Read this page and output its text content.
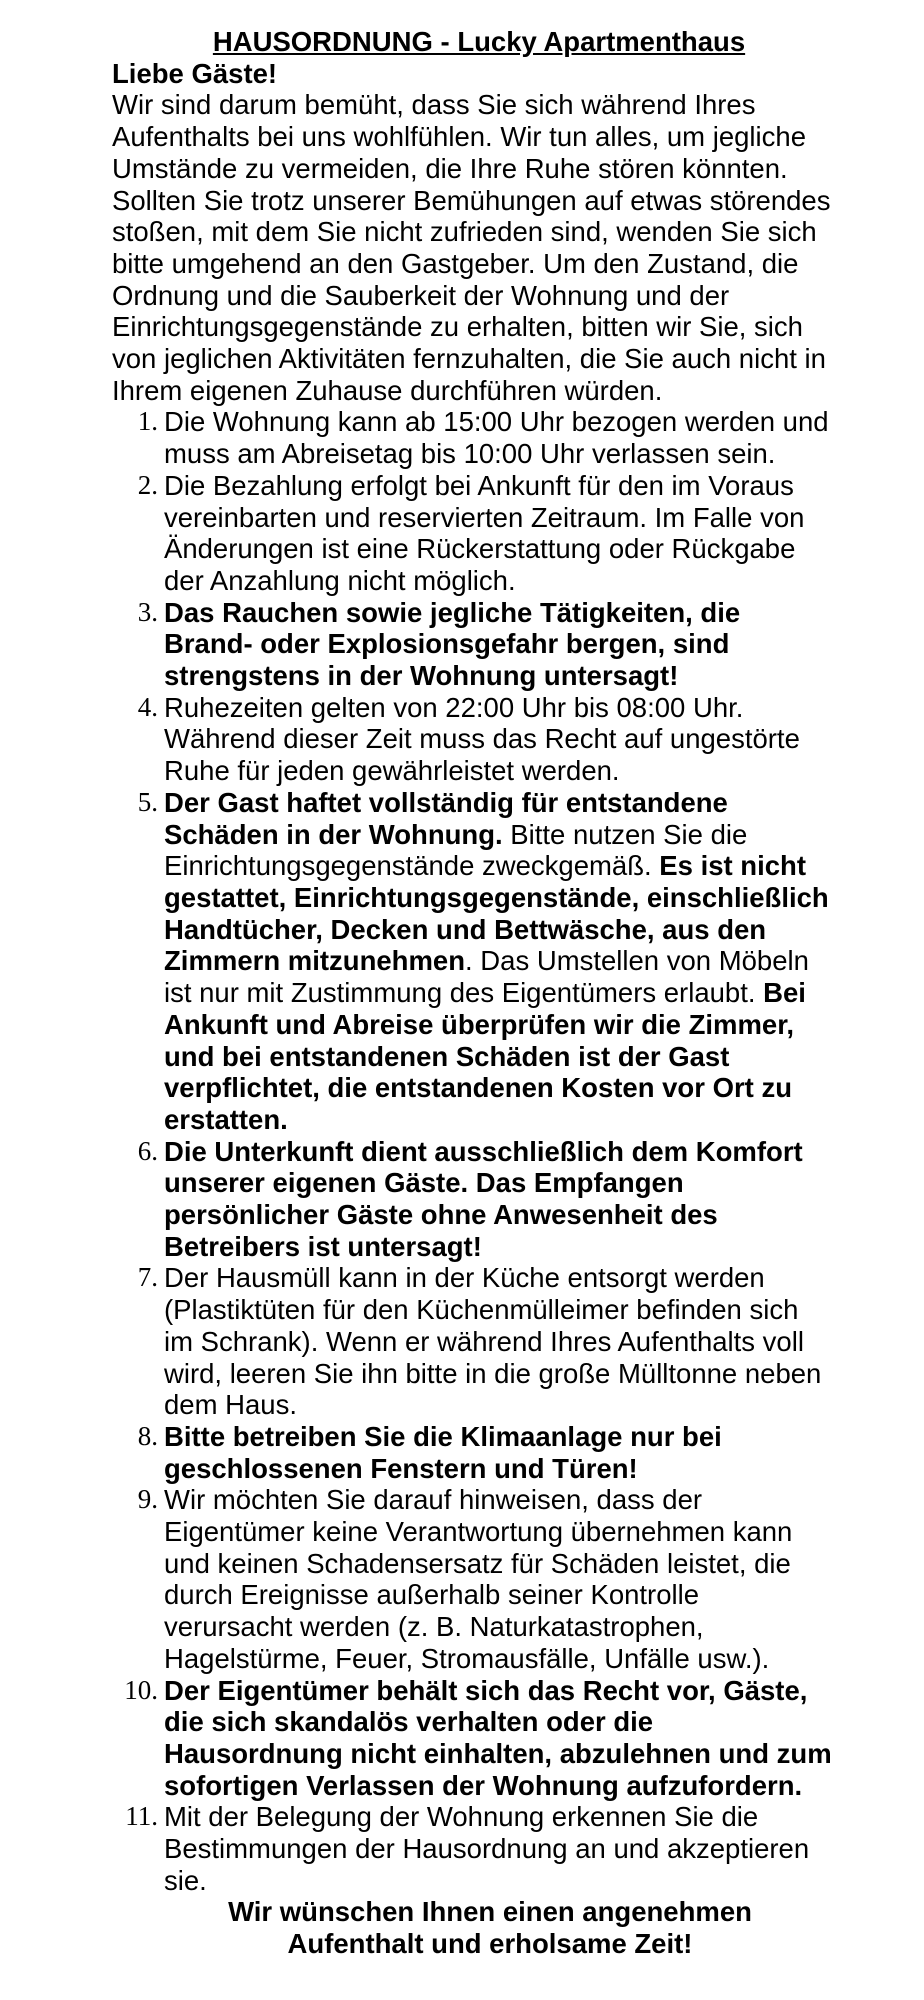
HAUSORDNUNG - Lucky Apartmenthaus

Liebe Gäste!

Wir sind darum bemüht, dass Sie sich während Ihres Aufenthalts bei uns wohlfühlen. Wir tun alles, um jegliche Umstände zu vermeiden, die Ihre Ruhe stören könnten. Sollten Sie trotz unserer Bemühungen auf etwas störendes stoßen, mit dem Sie nicht zufrieden sind, wenden Sie sich bitte umgehend an den Gastgeber. Um den Zustand, die Ordnung und die Sauberkeit der Wohnung und der Einrichtungsgegenstände zu erhalten, bitten wir Sie, sich von jeglichen Aktivitäten fernzuhalten, die Sie auch nicht in Ihrem eigenen Zuhause durchführen würden.

1. Die Wohnung kann ab 15:00 Uhr bezogen werden und muss am Abreisetag bis 10:00 Uhr verlassen sein.
2. Die Bezahlung erfolgt bei Ankunft für den im Voraus vereinbarten und reservierten Zeitraum. Im Falle von Änderungen ist eine Rückerstattung oder Rückgabe der Anzahlung nicht möglich.
3. Das Rauchen sowie jegliche Tätigkeiten, die Brand- oder Explosionsgefahr bergen, sind strengstens in der Wohnung untersagt!
4. Ruhezeiten gelten von 22:00 Uhr bis 08:00 Uhr. Während dieser Zeit muss das Recht auf ungestörte Ruhe für jeden gewährleistet werden.
5. Der Gast haftet vollständig für entstandene Schäden in der Wohnung. Bitte nutzen Sie die Einrichtungsgegenstände zweckgemäß. Es ist nicht gestattet, Einrichtungsgegenstände, einschließlich Handtücher, Decken und Bettwäsche, aus den Zimmern mitzunehmen. Das Umstellen von Möbeln ist nur mit Zustimmung des Eigentümers erlaubt. Bei Ankunft und Abreise überprüfen wir die Zimmer, und bei entstandenen Schäden ist der Gast verpflichtet, die entstandenen Kosten vor Ort zu erstatten.
6. Die Unterkunft dient ausschließlich dem Komfort unserer eigenen Gäste. Das Empfangen persönlicher Gäste ohne Anwesenheit des Betreibers ist untersagt!
7. Der Hausmüll kann in der Küche entsorgt werden (Plastiktüten für den Küchenmülleimer befinden sich im Schrank). Wenn er während Ihres Aufenthalts voll wird, leeren Sie ihn bitte in die große Mülltonne neben dem Haus.
8. Bitte betreiben Sie die Klimaanlage nur bei geschlossenen Fenstern und Türen!
9. Wir möchten Sie darauf hinweisen, dass der Eigentümer keine Verantwortung übernehmen kann und keinen Schadensersatz für Schäden leistet, die durch Ereignisse außerhalb seiner Kontrolle verursacht werden (z. B. Naturkatastrophen, Hagelstürme, Feuer, Stromausfälle, Unfälle usw.).
10. Der Eigentümer behält sich das Recht vor, Gäste, die sich skandalös verhalten oder die Hausordnung nicht einhalten, abzulehnen und zum sofortigen Verlassen der Wohnung aufzufordern.
11. Mit der Belegung der Wohnung erkennen Sie die Bestimmungen der Hausordnung an und akzeptieren sie.

Wir wünschen Ihnen einen angenehmen
Aufenthalt und erholsame Zeit!
